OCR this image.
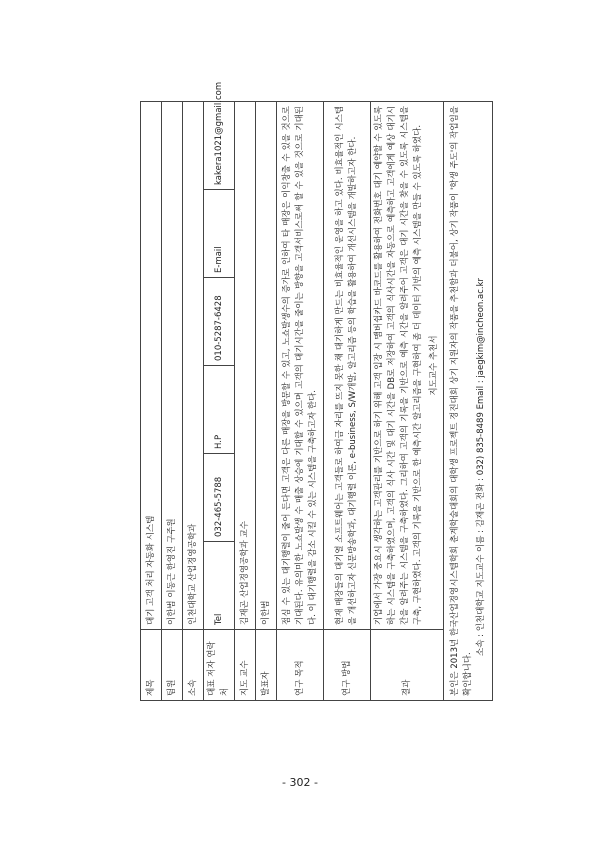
제목	대기 고객 처리 자동화 시스템					
팀원	이한범 이동근 한영진 구주원					
소속	인천대학교 산업경영공학과					
대표 저자 연락처	Tel	032-465-5788	H.P	010-5287-6428	E-mail	kakera1021@gmail.com
지도 교수	김재곤 산업경영공학과 교수					
발표자	이한범					
연구 목적	점심 수 있는 대기행렬이 줄어 든다면 고객은 다른 매장을 방문할 수 있고, 노쇼발생수의 증가로 인하여 타 매장은 이익창출 수 있을 것으로 기대된다. 유의미한 노쇼발생 수 매출 상승에 기대할 수 있으며 고객의 대기시간을 줄이는 방향을 고객서비스로써 할 수 있을 것으로 기대된다. 이 대기행렬을 감소 시킬 수 있는 시스템을 구축하고자 한다.					

연구 방법	현재 매장들의 대기열 소프트웨어는 고객들로 하여금 자리를 뜨지 못한 채 대기하게 만드는 비효율적인 운영을 하고 있다. 비효율적인 시스템을 개선하고자 신문방송학과, 대기행렬 이론, e-business, S/W개발, 알고리즘 등의 학습을 활용하여 개선시스템을 개발하고자 한다.					

결과	기업에서 가장 중요시 생각하는 고객관리를 기반으로 하기 위해 고객 입장 시 맴버쉽카드 바코드를 활용하여 전화번호 대기 예약할 수 있도록 하는 시스템을 구축하였으며, 고객의 식사 시간 및 대기 시간을 DB로 저장하여 고객의 식사시간을 자동으로 예측하고 고객에게 예상 대기시간을 알려주는 시스템을 구축하였다. 그리하여 고객의 기록을 기반으로 예측 시간을 알려주어 고객은 대기 시간을 찾을 수 있도록 시스템을 구축, 구현하였다. 고객의 기록을 기반으로 한 예측시간 알고리즘을 구현하여 좀 더 데이터 기반의 예측 시스템을 만들 수 있도록 하였다. 지도교수 추천서					

본인은 2013년 한국산업경영시스템학회 춘계학술대회의 대학생 프로젝트 경진대회 상기 지원자의 작품을 추천함과 더불어, 상기 작품이 '학생 주도'의 작업임을 확인합니다.
소속 : 인천대학교 지도교수 이름 : 김재곤 전화 : 032) 835-8489 Email : jaegkim@incheon.ac.kr						
- 302 -
